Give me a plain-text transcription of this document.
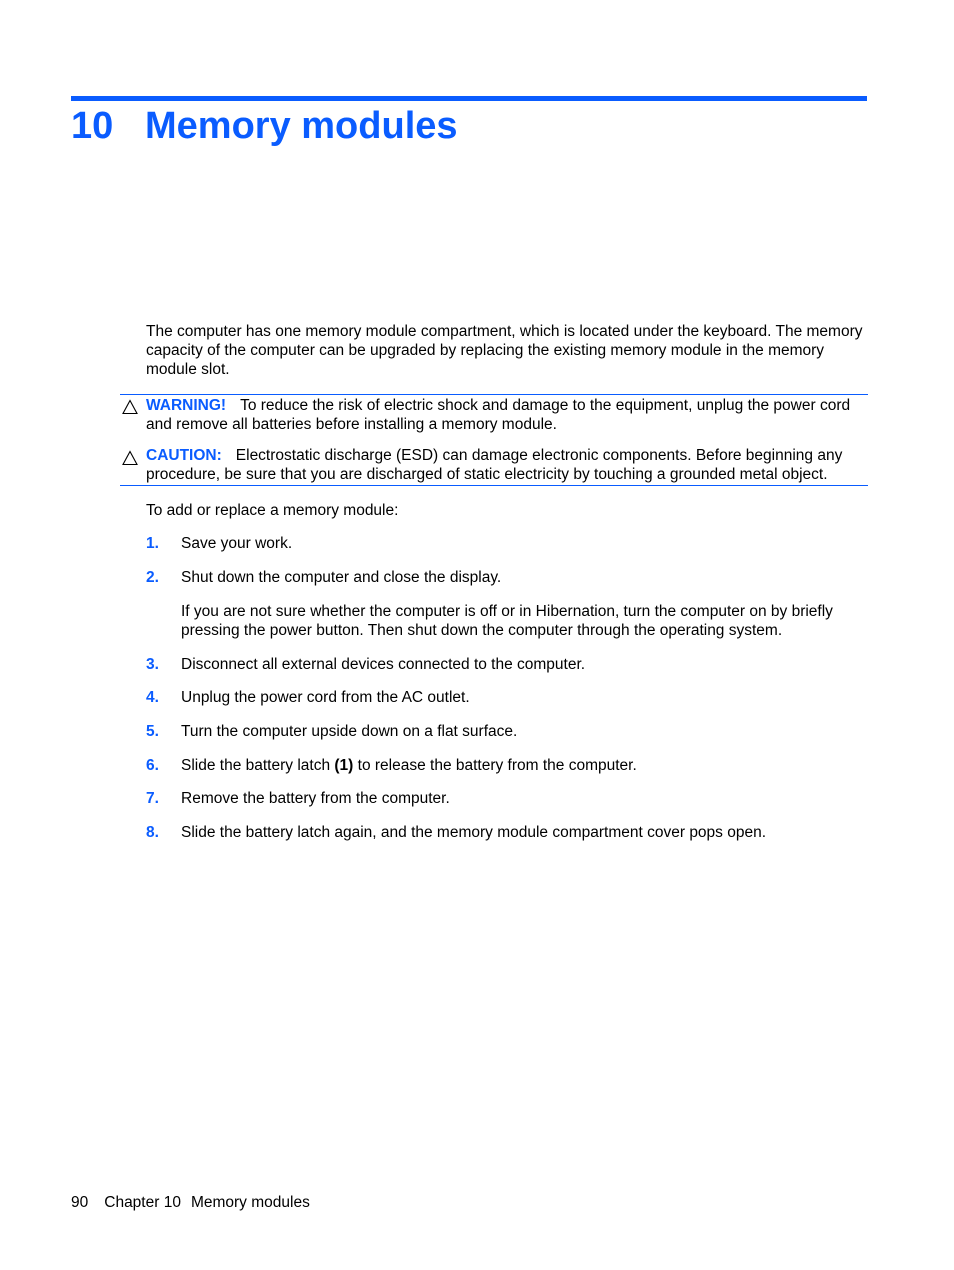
10 Memory modules

The computer has one memory module compartment, which is located under the keyboard. The memory capacity of the computer can be upgraded by replacing the existing memory module in the memory module slot.

WARNING! To reduce the risk of electric shock and damage to the equipment, unplug the power cord and remove all batteries before installing a memory module.

CAUTION: Electrostatic discharge (ESD) can damage electronic components. Before beginning any procedure, be sure that you are discharged of static electricity by touching a grounded metal object.

To add or replace a memory module:

1. Save your work.
2. Shut down the computer and close the display.

If you are not sure whether the computer is off or in Hibernation, turn the computer on by briefly pressing the power button. Then shut down the computer through the operating system.

3. Disconnect all external devices connected to the computer.
4. Unplug the power cord from the AC outlet.
5. Turn the computer upside down on a flat surface.
6. Slide the battery latch (1) to release the battery from the computer.
7. Remove the battery from the computer.
8. Slide the battery latch again, and the memory module compartment cover pops open.
90 Chapter 10 Memory modules
